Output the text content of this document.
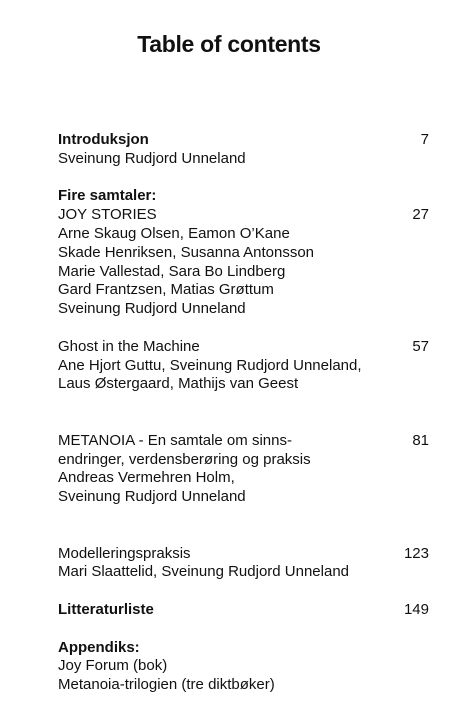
Table of contents
Introduksjon	7
Sveinung Rudjord Unneland
Fire samtaler:
JOY STORIES	27
Arne Skaug Olsen, Eamon O’Kane
Skade Henriksen, Susanna Antonsson
Marie Vallestad, Sara Bo Lindberg
Gard Frantzsen, Matias Grøttum
Sveinung Rudjord Unneland
Ghost in the Machine	57
Ane Hjort Guttu, Sveinung Rudjord Unneland,
Laus Østergaard, Mathijs van Geest
METANOIA - En samtale om sinns-	81
endringer, verdensberøring og praksis
Andreas Vermehren Holm,
Sveinung Rudjord Unneland
Modelleringspraksis	123
Mari Slaattelid, Sveinung Rudjord Unneland
Litteraturliste	149
Appendiks:
Joy Forum (bok)
Metanoia-trilogien (tre diktbøker)
